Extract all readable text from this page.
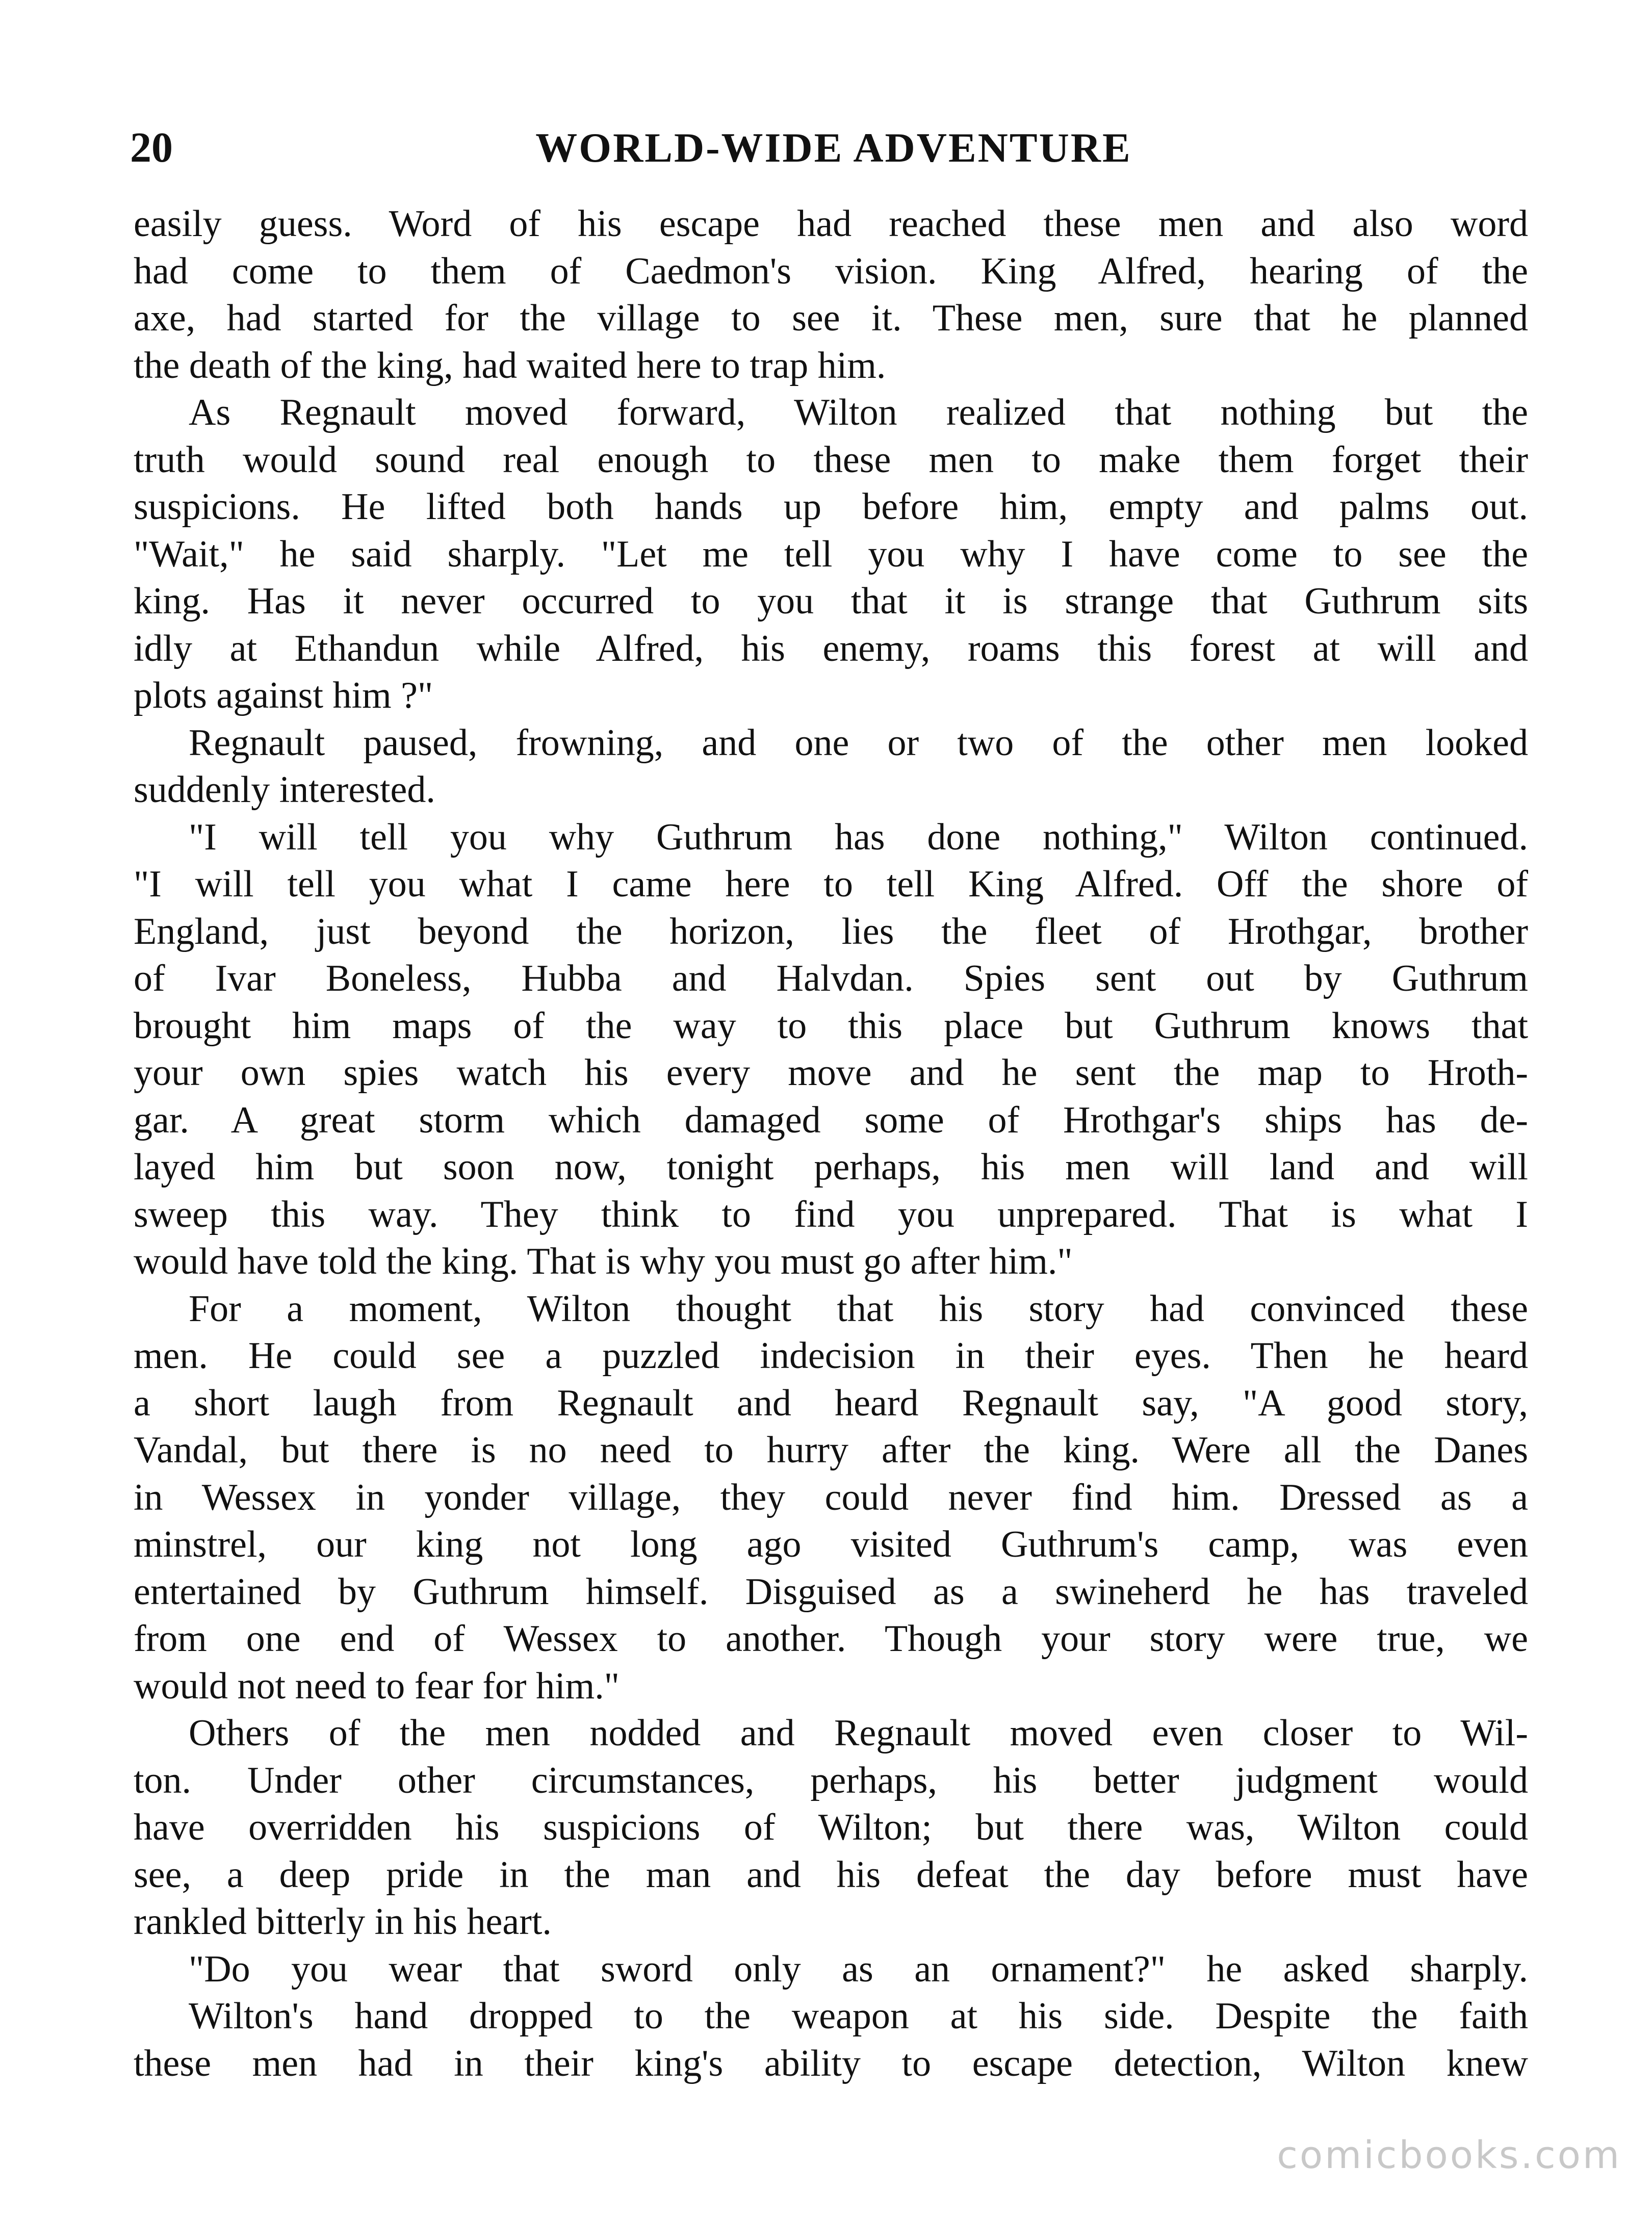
20	WORLD-WIDE ADVENTURE

easily guess. Word of his escape had reached these men and also word

had come to them of Caedmon's vision. King Alfred, hearing of the

axe, had started for the village to see it. These men, sure that he planned

the death of the king, had waited here to trap him.

As Regnault moved forward, Wilton realized that nothing but the

truth would sound real enough to these men to make them forget their

suspicions. He lifted both hands up before him, empty and palms out.

"Wait," he said sharply. "Let me tell you why I have come to see the

king. Has it never occurred to you that it is strange that Guthrum sits

idly at Ethandun while Alfred, his enemy, roams this forest at will and

plots against him ?"

Regnault paused, frowning, and one or two of the other men looked

suddenly interested.

"I will tell you why Guthrum has done nothing," Wilton continued.

"I will tell you what I came here to tell King Alfred. Off the shore of

England, just beyond the horizon, lies the fleet of Hrothgar, brother

of Ivar Boneless, Hubba and Halvdan. Spies sent out by Guthrum

brought him maps of the way to this place but Guthrum knows that

your own spies watch his every move and he sent the map to Hroth-

gar. A great storm which damaged some of Hrothgar's ships has de-

layed him but soon now, tonight perhaps, his men will land and will

sweep this way. They think to find you unprepared. That is what I

would have told the king. That is why you must go after him."

For a moment, Wilton thought that his story had convinced these

men. He could see a puzzled indecision in their eyes. Then he heard

a short laugh from Regnault and heard Regnault say, "A good story,

Vandal, but there is no need to hurry after the king. Were all the Danes

in Wessex in yonder village, they could never find him. Dressed as a

minstrel, our king not long ago visited Guthrum's camp, was even

entertained by Guthrum himself. Disguised as a swineherd he has traveled

from one end of Wessex to another. Though your story were true, we

would not need to fear for him."

Others of the men nodded and Regnault moved even closer to Wil-

ton. Under other circumstances, perhaps, his better judgment would

have overridden his suspicions of Wilton; but there was, Wilton could

see, a deep pride in the man and his defeat the day before must have

rankled bitterly in his heart.

"Do you wear that sword only as an ornament?" he asked sharply.

Wilton's hand dropped to the weapon at his side. Despite the faith

these men had in their king's ability to escape detection, Wilton knew

comicbooks.com
